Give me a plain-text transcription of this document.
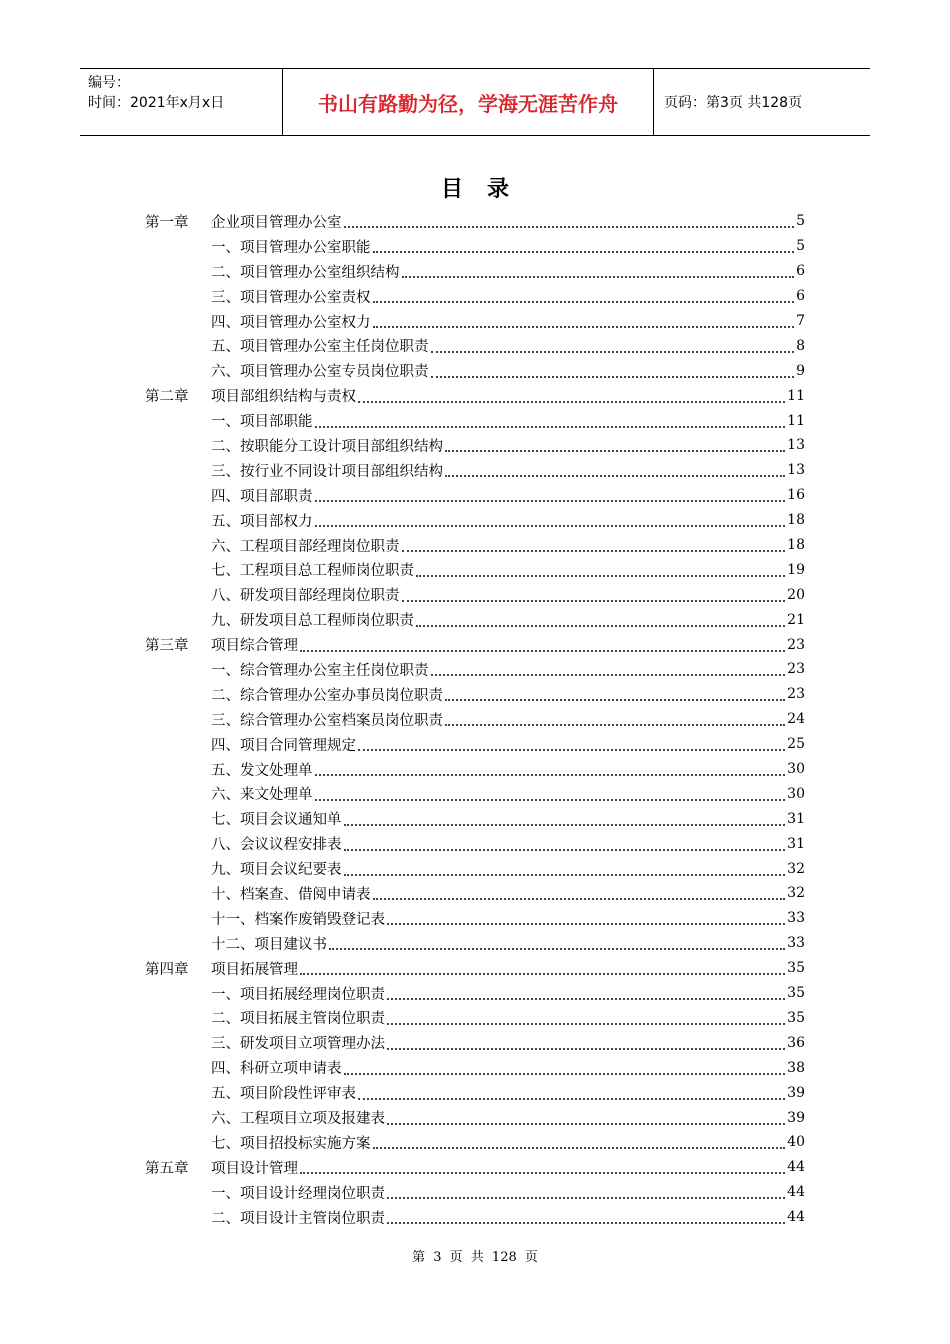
编号：
时间：2021年x月x日	书山有路勤为径，学海无涯苦作舟	页码：第3页 共128页
目录
第一章	企业项目管理办公室	5
一、项目管理办公室职能	5
二、项目管理办公室组织结构	6
三、项目管理办公室责权	6
四、项目管理办公室权力	7
五、项目管理办公室主任岗位职责	8
六、项目管理办公室专员岗位职责	9
第二章	项目部组织结构与责权	11
一、项目部职能	11
二、按职能分工设计项目部组织结构	13
三、按行业不同设计项目部组织结构	13
四、项目部职责	16
五、项目部权力	18
六、工程项目部经理岗位职责	18
七、工程项目总工程师岗位职责	19
八、研发项目部经理岗位职责	20
九、研发项目总工程师岗位职责	21
第三章	项目综合管理	23
一、综合管理办公室主任岗位职责	23
二、综合管理办公室办事员岗位职责	23
三、综合管理办公室档案员岗位职责	24
四、项目合同管理规定	25
五、发文处理单	30
六、来文处理单	30
七、项目会议通知单	31
八、会议议程安排表	31
九、项目会议纪要表	32
十、档案查、借阅申请表	32
十一、档案作废销毁登记表	33
十二、项目建议书	33
第四章	项目拓展管理	35
一、项目拓展经理岗位职责	35
二、项目拓展主管岗位职责	35
三、研发项目立项管理办法	36
四、科研立项申请表	38
五、项目阶段性评审表	39
六、工程项目立项及报建表	39
七、项目招投标实施方案	40
第五章	项目设计管理	44
一、项目设计经理岗位职责	44
二、项目设计主管岗位职责	44
第 3 页 共 128 页
